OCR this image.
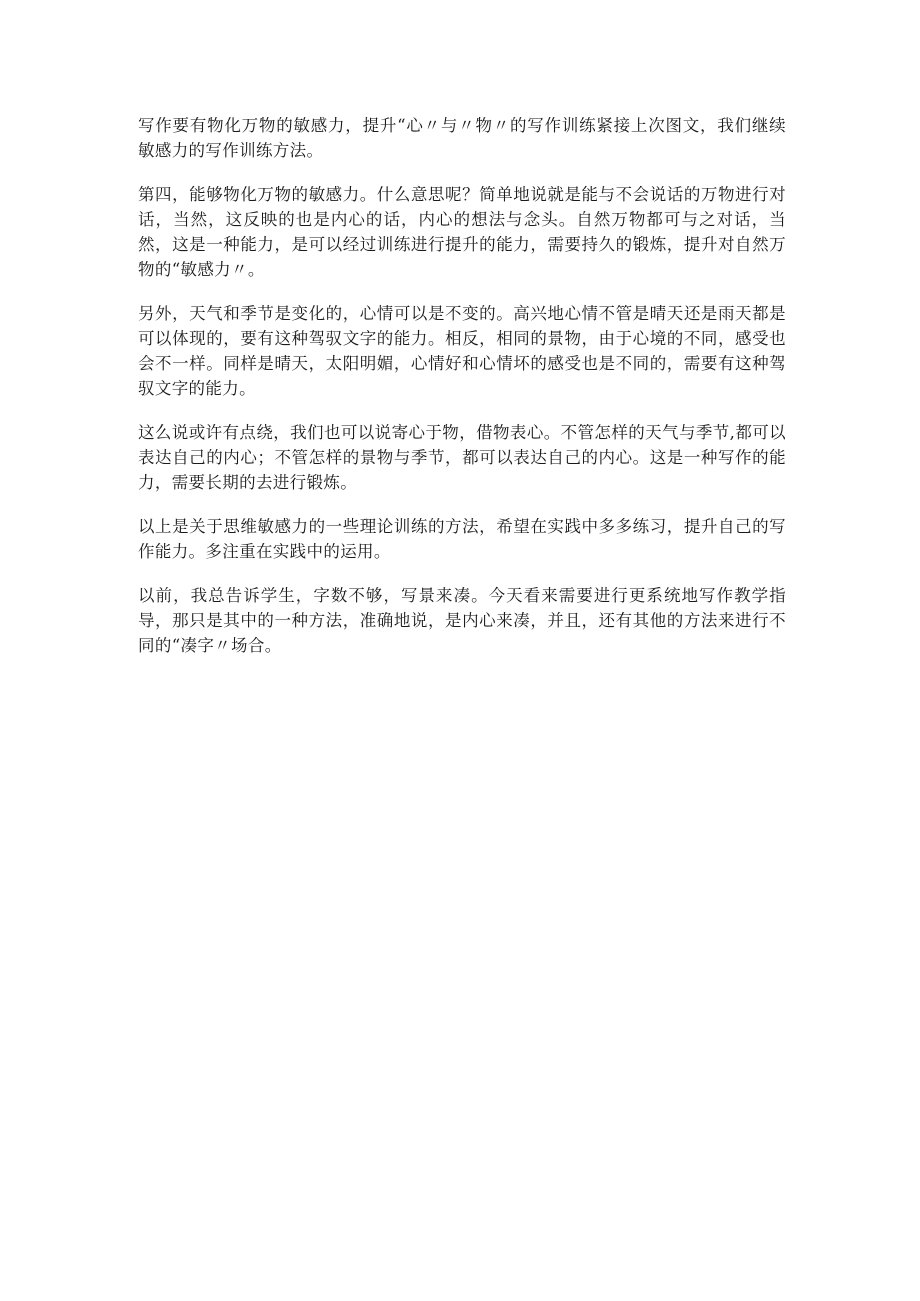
写作要有物化万物的敏感力，提升“心〃与〃物〃的写作训练紧接上次图文，我们继续敏感力的写作训练方法。

第四，能够物化万物的敏感力。什么意思呢？简单地说就是能与不会说话的万物进行对话，当然，这反映的也是内心的话，内心的想法与念头。自然万物都可与之对话，当然，这是一种能力，是可以经过训练进行提升的能力，需要持久的锻炼，提升对自然万物的“敏感力〃。

另外，天气和季节是变化的，心情可以是不变的。高兴地心情不管是晴天还是雨天都是可以体现的，要有这种驾驭文字的能力。相反，相同的景物，由于心境的不同，感受也会不一样。同样是晴天，太阳明媚，心情好和心情坏的感受也是不同的，需要有这种驾驭文字的能力。

这么说或许有点绕，我们也可以说寄心于物，借物表心。不管怎样的天气与季节,都可以表达自己的内心；不管怎样的景物与季节，都可以表达自己的内心。这是一种写作的能力，需要长期的去进行锻炼。

以上是关于思维敏感力的一些理论训练的方法，希望在实践中多多练习，提升自己的写作能力。多注重在实践中的运用。

以前，我总告诉学生，字数不够，写景来凑。今天看来需要进行更系统地写作教学指导，那只是其中的一种方法，准确地说，是内心来凑，并且，还有其他的方法来进行不同的“凑字〃场合。
